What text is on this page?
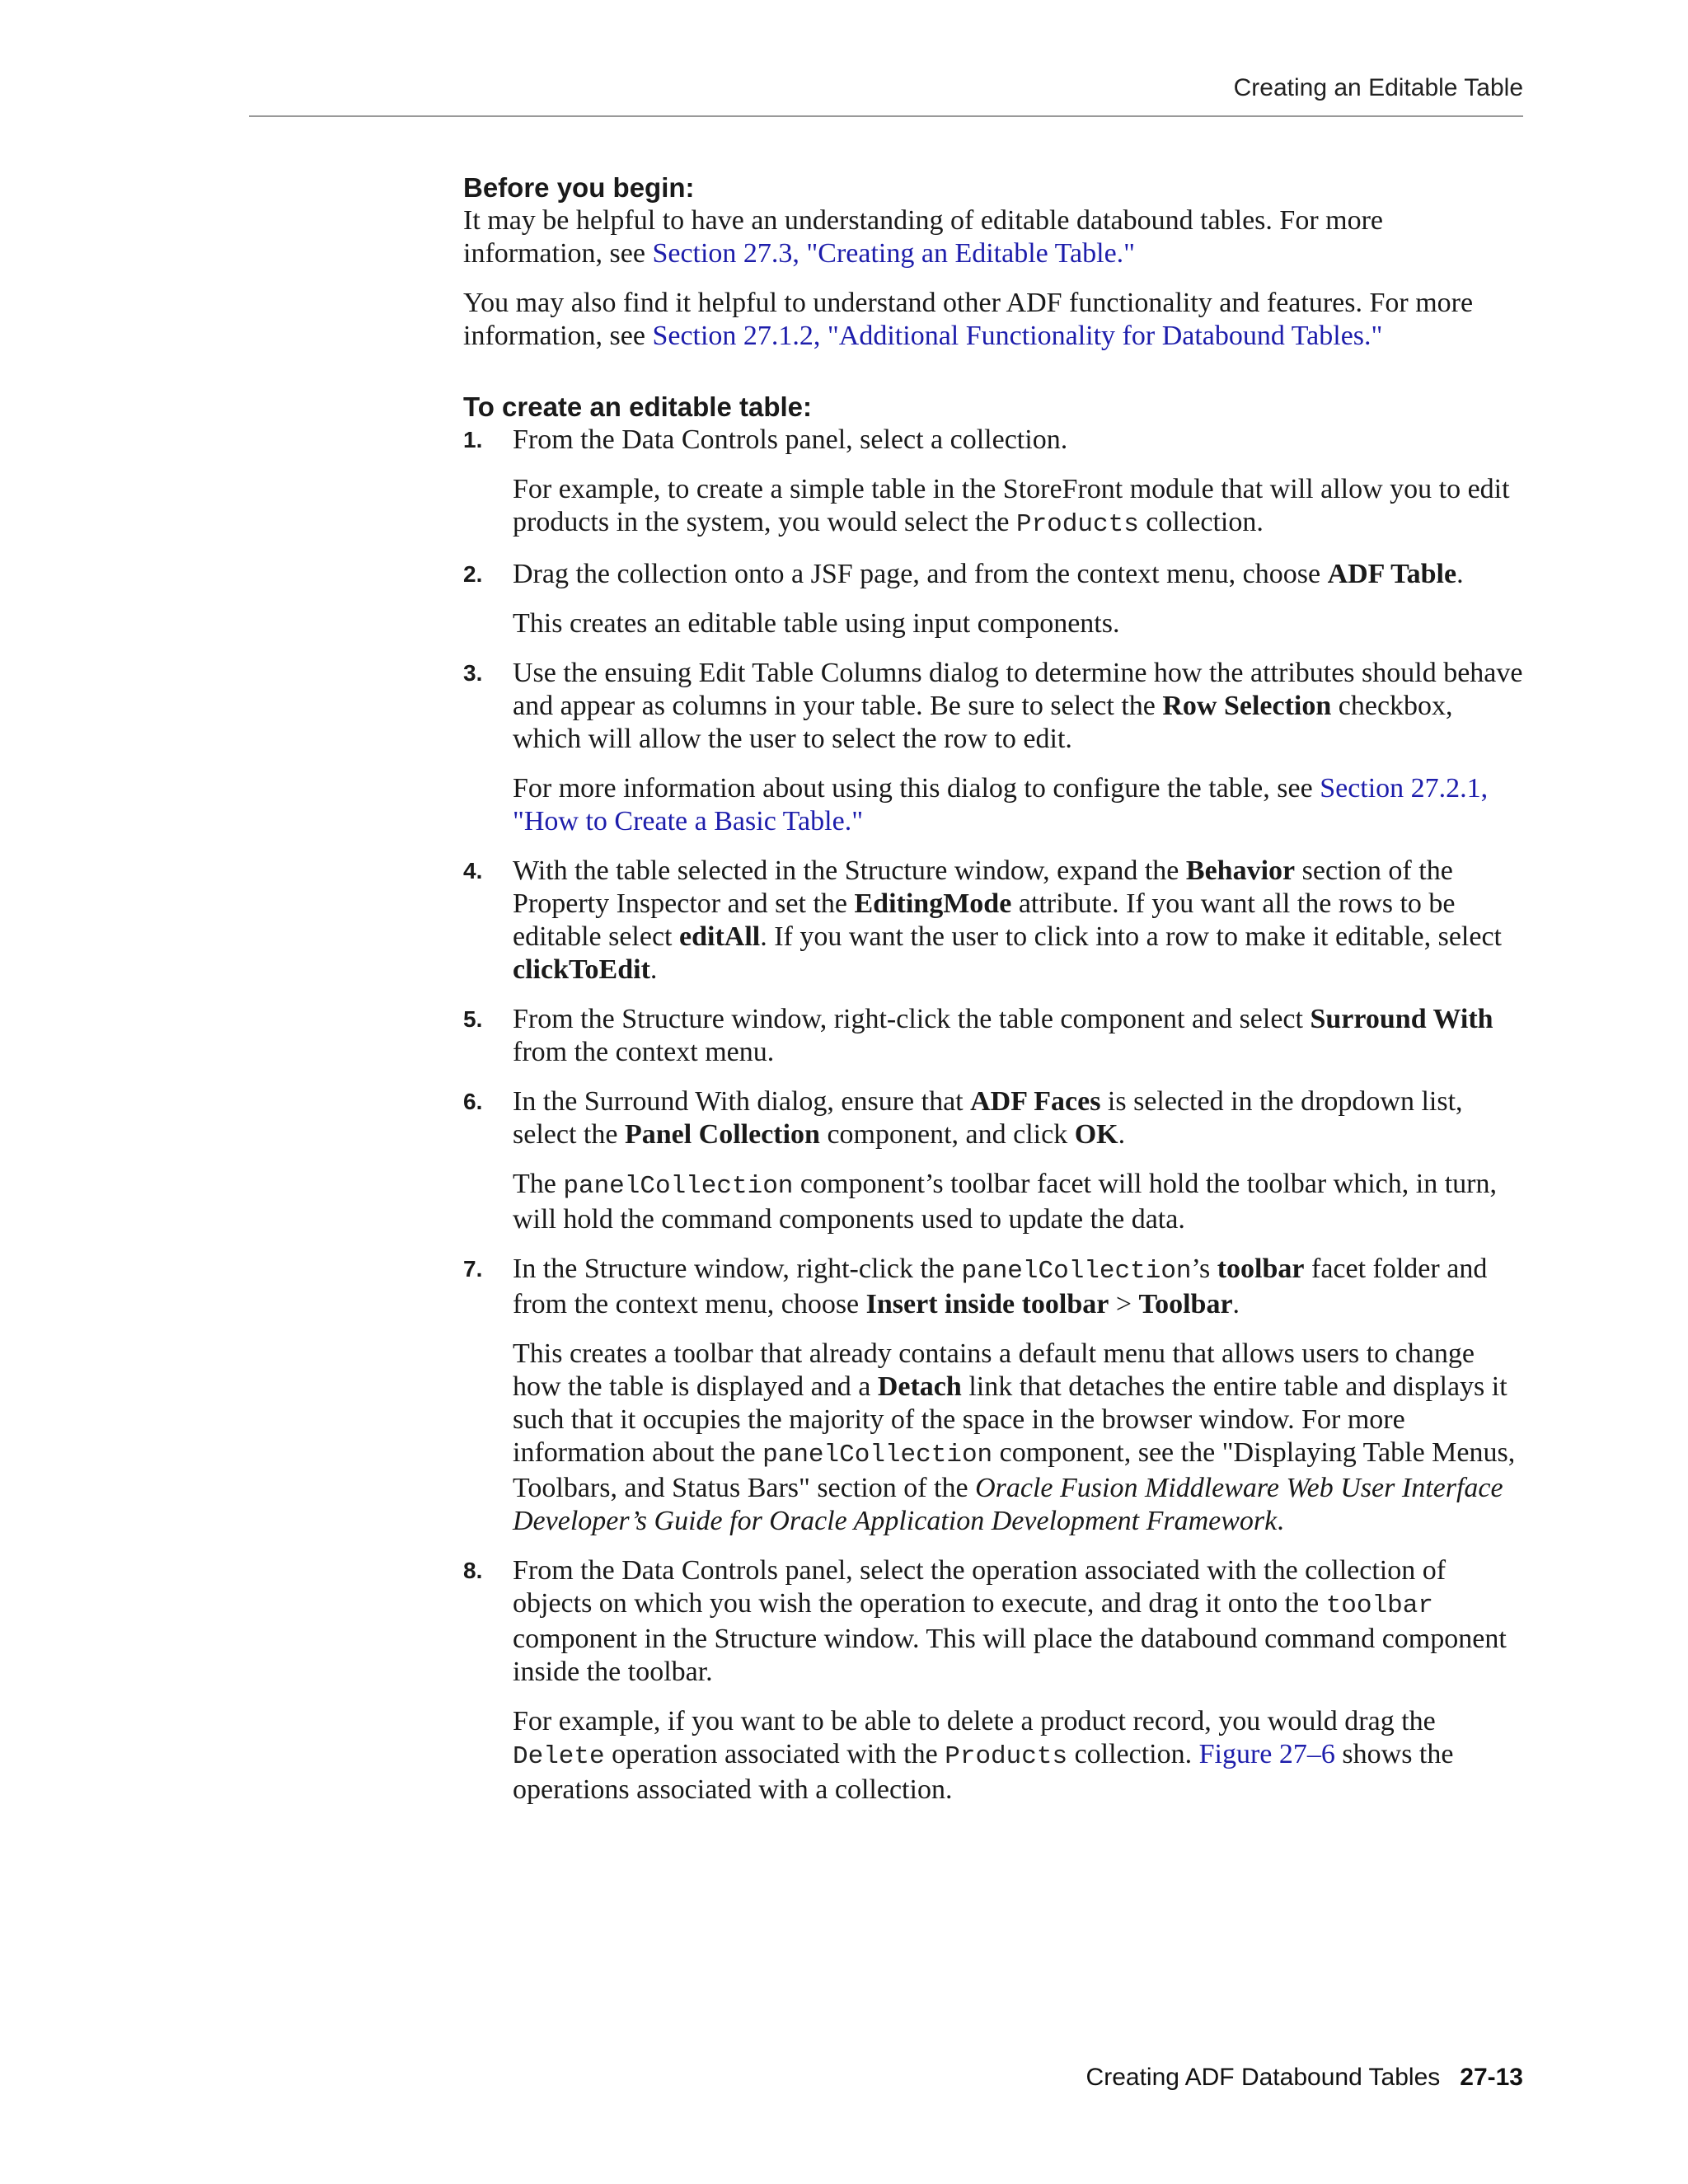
Creating an Editable Table
Before you begin:

It may be helpful to have an understanding of editable databound tables. For more information, see Section 27.3, "Creating an Editable Table."

You may also find it helpful to understand other ADF functionality and features. For more information, see Section 27.1.2, "Additional Functionality for Databound Tables."

To create an editable table:
1. From the Data Controls panel, select a collection.

For example, to create a simple table in the StoreFront module that will allow you to edit products in the system, you would select the Products collection.

2. Drag the collection onto a JSF page, and from the context menu, choose ADF Table.

This creates an editable table using input components.

3. Use the ensuing Edit Table Columns dialog to determine how the attributes should behave and appear as columns in your table. Be sure to select the Row Selection checkbox, which will allow the user to select the row to edit.

For more information about using this dialog to configure the table, see Section 27.2.1, "How to Create a Basic Table."

4. With the table selected in the Structure window, expand the Behavior section of the Property Inspector and set the EditingMode attribute. If you want all the rows to be editable select editAll. If you want the user to click into a row to make it editable, select clickToEdit.

5. From the Structure window, right-click the table component and select Surround With from the context menu.

6. In the Surround With dialog, ensure that ADF Faces is selected in the dropdown list, select the Panel Collection component, and click OK.

The panelCollection component’s toolbar facet will hold the toolbar which, in turn, will hold the command components used to update the data.

7. In the Structure window, right-click the panelCollection’s toolbar facet folder and from the context menu, choose Insert inside toolbar > Toolbar.

This creates a toolbar that already contains a default menu that allows users to change how the table is displayed and a Detach link that detaches the entire table and displays it such that it occupies the majority of the space in the browser window. For more information about the panelCollection component, see the "Displaying Table Menus, Toolbars, and Status Bars" section of the Oracle Fusion Middleware Web User Interface Developer’s Guide for Oracle Application Development Framework.

8. From the Data Controls panel, select the operation associated with the collection of objects on which you wish the operation to execute, and drag it onto the toolbar component in the Structure window. This will place the databound command component inside the toolbar.

For example, if you want to be able to delete a product record, you would drag the Delete operation associated with the Products collection. Figure 27–6 shows the operations associated with a collection.

Creating ADF Databound Tables 27-13
